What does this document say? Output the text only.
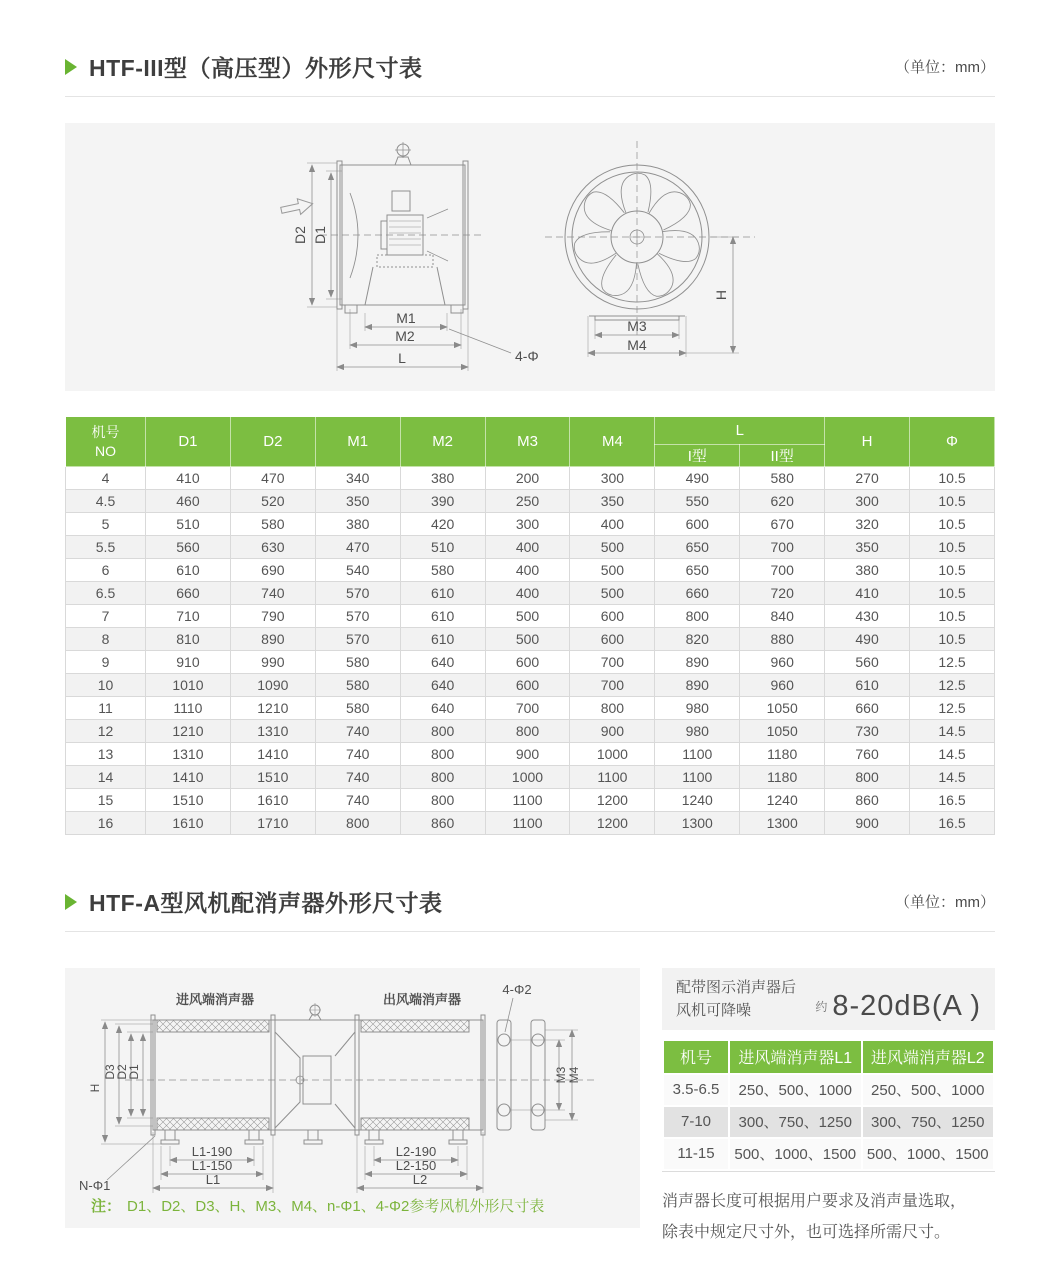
HTF-III型（高压型）外形尺寸表	（单位：mm）
D2 D1
M1
M2
L	4-Φ
M3
M4
H
机号
NO	D1	D2	M1	M2	M3	M4	L		H	Φ
							I型	II型		
4	410	470	340	380	200	300	490	580	270	10.5
4.5	460	520	350	390	250	350	550	620	300	10.5
5	510	580	380	420	300	400	600	670	320	10.5
5.5	560	630	470	510	400	500	650	700	350	10.5
6	610	690	540	580	400	500	650	700	380	10.5
6.5	660	740	570	610	400	500	660	720	410	10.5
7	710	790	570	610	500	600	800	840	430	10.5
8	810	890	570	610	500	600	820	880	490	10.5
9	910	990	580	640	600	700	890	960	560	12.5
10	1010	1090	580	640	600	700	890	960	610	12.5
11	1110	1210	580	640	700	800	980	1050	660	12.5
12	1210	1310	740	800	800	900	980	1050	730	14.5
13	1310	1410	740	800	900	1000	1100	1180	760	14.5
14	1410	1510	740	800	1000	1100	1100	1180	800	14.5
15	1510	1610	740	800	1100	1200	1240	1240	860	16.5
16	1610	1710	800	860	1100	1200	1300	1300	900	16.5
HTF-A型风机配消声器外形尺寸表	（单位：mm）
进风端消声器	出风端消声器
4-Φ2
N-Φ1
H
D3
D2
D1	M3 M4
L1-190
L1-150
L1
L2-190
L2-150
L2
注： D1、D2、D3、H、M3、M4、n-Φ1、4-Φ2参考风机外形尺寸表
配带图示消声器后
风机可降噪	$^约$ 8-20dB(A )
机号	进风端消声器L1	进风端消声器L2
3.5-6.5	250、500、1000	250、500、1000
7-10	300、750、1250	300、750、1250
11-15	500、1000、1500	500、1000、1500

消声器长度可根据用户要求及消声量选取，
除表中规定尺寸外，也可选择所需尺寸。
